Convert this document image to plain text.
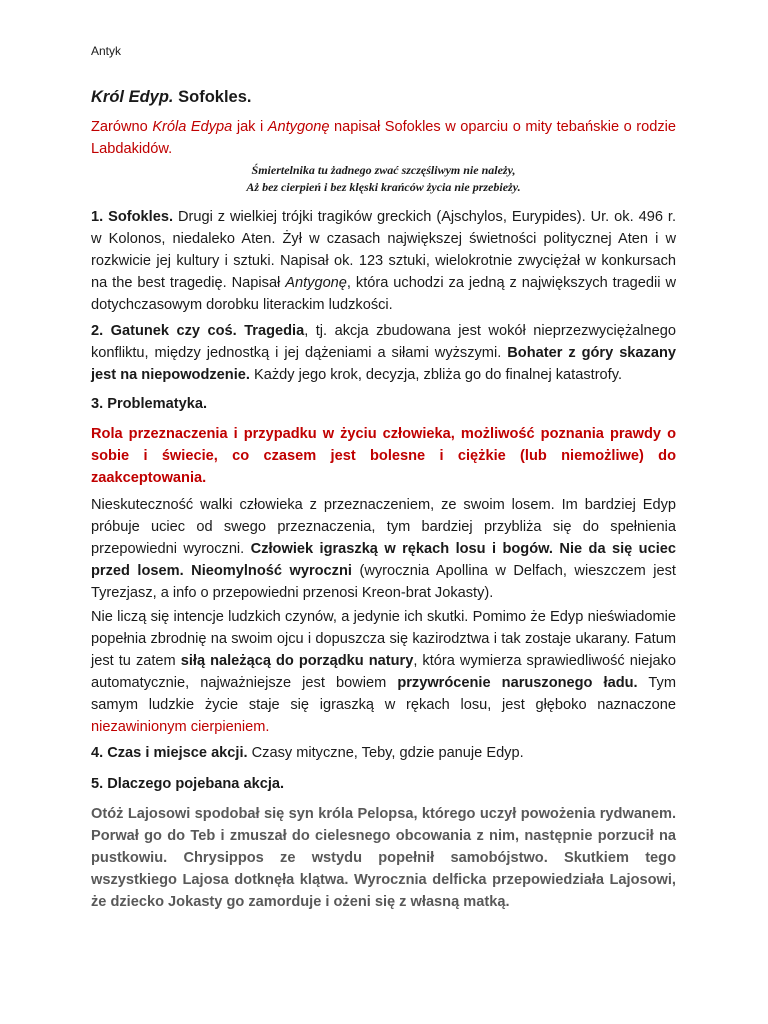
Antyk
Król Edyp. Sofokles.

Zarówno Króla Edypa jak i Antygonę napisał Sofokles w oparciu o mity tebańskie o rodzie Labdakidów.

Śmiertelnika tu żadnego zwać szczęśliwym nie należy,
Aż bez cierpień i bez klęski krańców życia nie przebieży.

1. Sofokles. Drugi z wielkiej trójki tragików greckich (Ajschylos, Eurypides). Ur. ok. 496 r. w Kolonos, niedaleko Aten. Żył w czasach największej świetności politycznej Aten i w rozkwicie jej kultury i sztuki. Napisał ok. 123 sztuki, wielokrotnie zwyciężał w konkursach na the best tragedię. Napisał Antygonę, która uchodzi za jedną z największych tragedii w dotychczasowym dorobku literackim ludzkości.

2. Gatunek czy coś. Tragedia, tj. akcja zbudowana jest wokół nieprzezwyciężalnego konfliktu, między jednostką i jej dążeniami a siłami wyższymi. Bohater z góry skazany jest na niepowodzenie. Każdy jego krok, decyzja, zbliża go do finalnej katastrofy.

3. Problematyka.

Rola przeznaczenia i przypadku w życiu człowieka, możliwość poznania prawdy o sobie i świecie, co czasem jest bolesne i ciężkie (lub niemożliwe) do zaakceptowania.

Nieskuteczność walki człowieka z przeznaczeniem, ze swoim losem. Im bardziej Edyp próbuje uciec od swego przeznaczenia, tym bardziej przybliża się do spełnienia przepowiedni wyroczni. Człowiek igraszką w rękach losu i bogów. Nie da się uciec przed losem. Nieomylność wyroczni (wyrocznia Apollina w Delfach, wieszczem jest Tyrezjasz, a info o przepowiedni przenosi Kreon-brat Jokasty).

Nie liczą się intencje ludzkich czynów, a jedynie ich skutki. Pomimo że Edyp nieświadomie popełnia zbrodnię na swoim ojcu i dopuszcza się kazirodztwa i tak zostaje ukarany. Fatum jest tu zatem siłą należącą do porządku natury, która wymierza sprawiedliwość niejako automatycznie, najważniejsze jest bowiem przywrócenie naruszonego ładu. Tym samym ludzkie życie staje się igraszką w rękach losu, jest głęboko naznaczone niezawinionym cierpieniem.

4. Czas i miejsce akcji. Czasy mityczne, Teby, gdzie panuje Edyp.

5. Dlaczego pojebana akcja.

Otóż Lajosowi spodobał się syn króla Pelopsa, którego uczył powożenia rydwanem. Porwał go do Teb i zmuszał do cielesnego obcowania z nim, następnie porzucił na pustkowiu. Chrysippos ze wstydu popełnił samobójstwo. Skutkiem tego wszystkiego Lajosa dotknęła klątwa. Wyrocznia delficka przepowiedziała Lajosowi, że dziecko Jokasty go zamorduje i ożeni się z własną matką.
